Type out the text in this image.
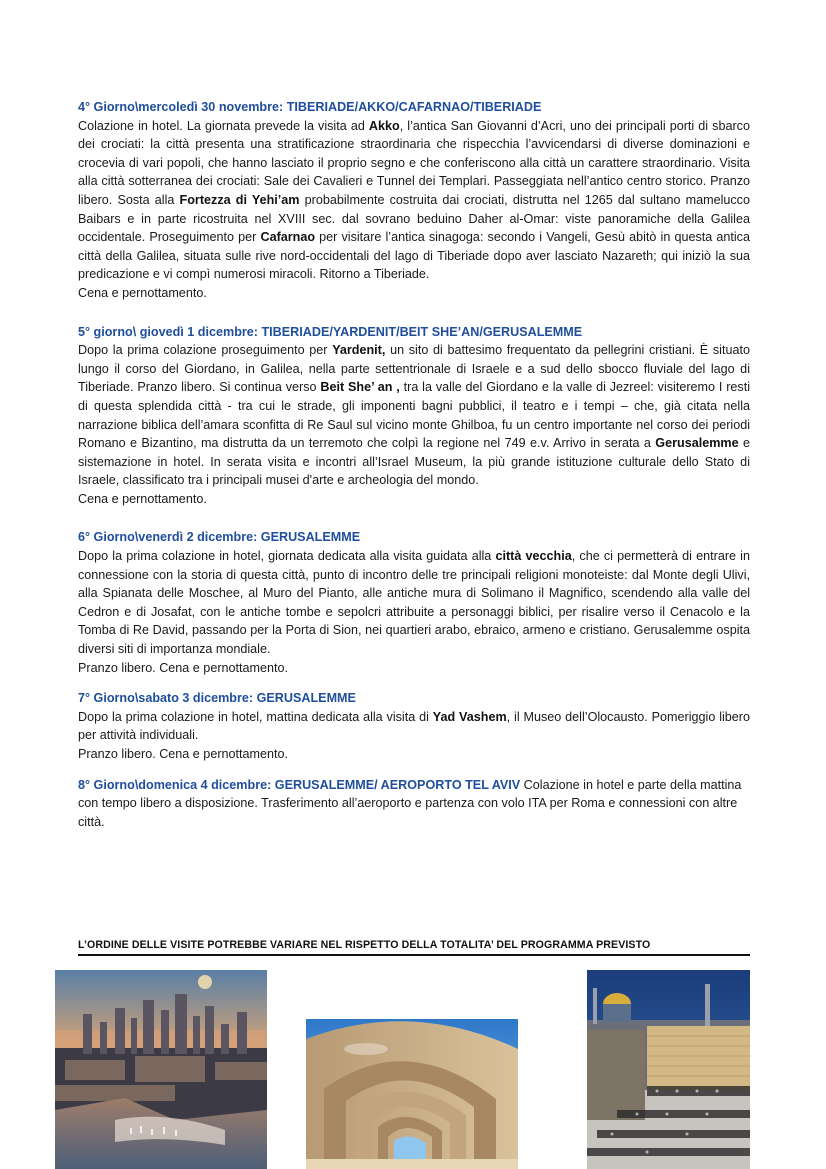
4° Giorno\mercoledì 30 novembre: TIBERIADE/AKKO/CAFARNAO/TIBERIADE

Colazione in hotel. La giornata prevede la visita ad Akko, l’antica San Giovanni d’Acri, uno dei principali porti di sbarco dei crociati: la città presenta una stratificazione straordinaria che rispecchia l’avvicendarsi di diverse dominazioni e crocevia di vari popoli, che hanno lasciato il proprio segno e che conferiscono alla città un carattere straordinario. Visita alla città sotterranea dei crociati: Sale dei Cavalieri e Tunnel dei Templari. Passeggiata nell’antico centro storico. Pranzo libero. Sosta alla Fortezza di Yehi’am probabilmente costruita dai crociati, distrutta nel 1265 dal sultano mamelucco Baibars e in parte ricostruita nel XVIII sec. dal sovrano beduino Daher al-Omar: viste panoramiche della Galilea occidentale. Proseguimento per Cafarnao per visitare l’antica sinagoga: secondo i Vangeli, Gesù abitò in questa antica città della Galilea, situata sulle rive nord-occidentali del lago di Tiberiade dopo aver lasciato Nazareth; qui iniziò la sua predicazione e vi compì numerosi miracoli. Ritorno a Tiberiade.

Cena e pernottamento.

5° giorno\ giovedì 1 dicembre: TIBERIADE/YARDENIT/BEIT SHE’AN/GERUSALEMME

Dopo la prima colazione proseguimento per Yardenit, un sito di battesimo frequentato da pellegrini cristiani. È situato lungo il corso del Giordano, in Galilea, nella parte settentrionale di Israele e a sud dello sbocco fluviale del lago di Tiberiade. Pranzo libero. Si continua verso Beit She’ an , tra la valle del Giordano e la valle di Jezreel: visiteremo I resti di questa splendida città - tra cui le strade, gli imponenti bagni pubblici, il teatro e i tempi – che, già citata nella narrazione biblica dell’amara sconfitta di Re Saul sul vicino monte Ghilboa, fu un centro importante nel corso dei periodi Romano e Bizantino, ma distrutta da un terremoto che colpì la regione nel 749 e.v. Arrivo in serata a Gerusalemme e sistemazione in hotel. In serata visita e incontri all’Israel Museum, la più grande istituzione culturale dello Stato di Israele, classificato tra i principali musei d'arte e archeologia del mondo.

Cena e pernottamento.

6° Giorno\venerdì 2 dicembre: GERUSALEMME

Dopo la prima colazione in hotel, giornata dedicata alla visita guidata alla città vecchia, che ci permetterà di entrare in connessione con la storia di questa città, punto di incontro delle tre principali religioni monoteiste: dal Monte degli Ulivi, alla Spianata delle Moschee, al Muro del Pianto, alle antiche mura di Solimano il Magnifico, scendendo alla valle del Cedron e di Josafat, con le antiche tombe e sepolcri attribuite a personaggi biblici, per risalire verso il Cenacolo e la Tomba di Re David, passando per la Porta di Sion, nei quartieri arabo, ebraico, armeno e cristiano. Gerusalemme ospita diversi siti di importanza mondiale.

Pranzo libero. Cena e pernottamento.

7° Giorno\sabato 3 dicembre: GERUSALEMME

Dopo la prima colazione in hotel, mattina dedicata alla visita di Yad Vashem, il Museo dell’Olocausto. Pomeriggio libero per attività individuali.

Pranzo libero. Cena e pernottamento.

8° Giorno\domenica 4 dicembre: GERUSALEMME/ AEROPORTO TEL AVIV Colazione in hotel e parte della mattina con tempo libero a disposizione. Trasferimento all’aeroporto e partenza con volo ITA per Roma e connessioni con altre città.

L’ORDINE DELLE VISITE POTREBBE VARIARE NEL RISPETTO DELLA TOTALITA’ DEL PROGRAMMA PREVISTO
